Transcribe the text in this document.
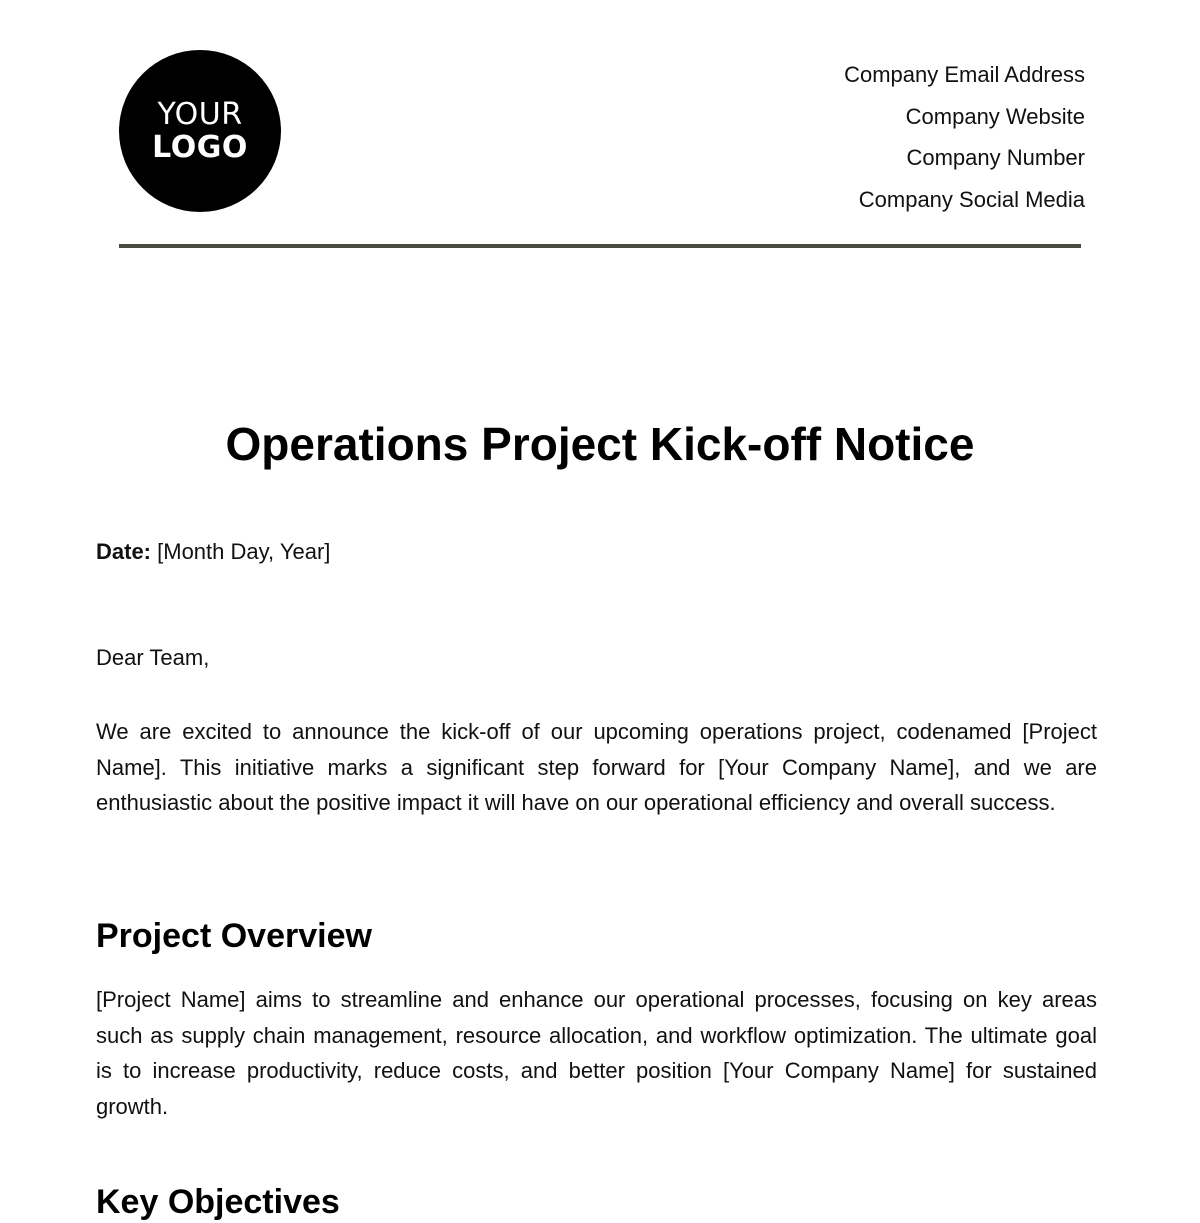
YOUR
LOGO
Company Email Address
Company Website
Company Number
Company Social Media
Operations Project Kick-off Notice
Date: [Month Day, Year]
Dear Team,

We are excited to announce the kick-off of our upcoming operations project, codenamed [Project Name]. This initiative marks a significant step forward for [Your Company Name], and we are enthusiastic about the positive impact it will have on our operational efficiency and overall success.

Project Overview

[Project Name] aims to streamline and enhance our operational processes, focusing on key areas such as supply chain management, resource allocation, and workflow optimization. The ultimate goal is to increase productivity, reduce costs, and better position [Your Company Name] for sustained growth.

Key Objectives
